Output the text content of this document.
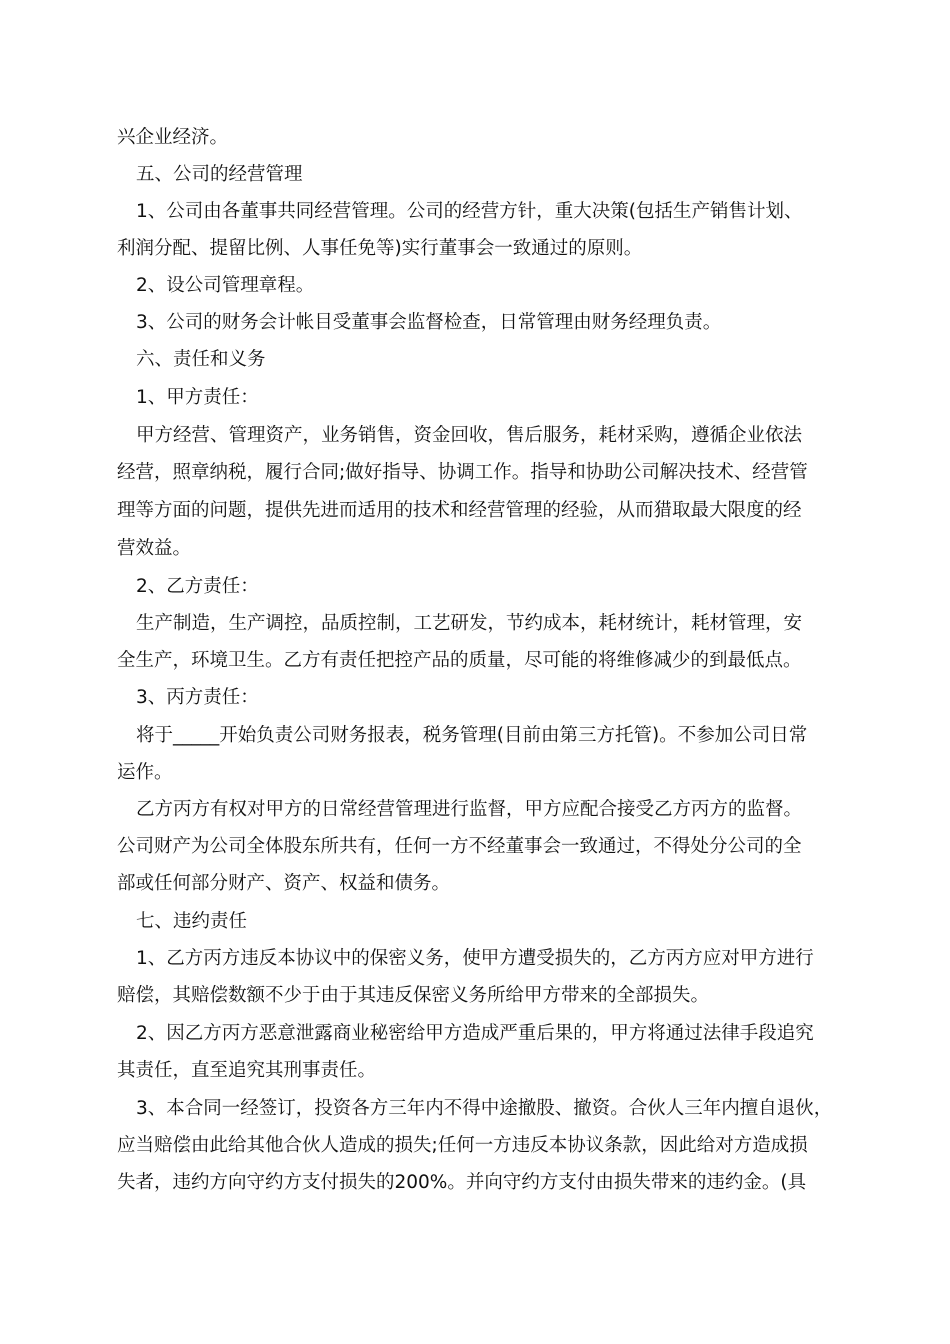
兴企业经济。
五、公司的经营管理
1、公司由各董事共同经营管理。公司的经营方针，重大决策(包括生产销售计划、
利润分配、提留比例、人事任免等)实行董事会一致通过的原则。
2、设公司管理章程。
3、公司的财务会计帐目受董事会监督检查，日常管理由财务经理负责。
六、责任和义务
1、甲方责任：
甲方经营、管理资产，业务销售，资金回收，售后服务，耗材采购，遵循企业依法
经营，照章纳税，履行合同;做好指导、协调工作。指导和协助公司解决技术、经营管
理等方面的问题，提供先进而适用的技术和经营管理的经验，从而猎取最大限度的经
营效益。
2、乙方责任：
生产制造，生产调控，品质控制，工艺研发，节约成本，耗材统计，耗材管理，安
全生产，环境卫生。乙方有责任把控产品的质量，尽可能的将维修减少的到最低点。
3、丙方责任：
将于_____开始负责公司财务报表，税务管理(目前由第三方托管)。不参加公司日常
运作。
乙方丙方有权对甲方的日常经营管理进行监督，甲方应配合接受乙方丙方的监督。
公司财产为公司全体股东所共有，任何一方不经董事会一致通过，不得处分公司的全
部或任何部分财产、资产、权益和债务。
七、违约责任
1、乙方丙方违反本协议中的保密义务，使甲方遭受损失的，乙方丙方应对甲方进行
赔偿，其赔偿数额不少于由于其违反保密义务所给甲方带来的全部损失。
2、因乙方丙方恶意泄露商业秘密给甲方造成严重后果的，甲方将通过法律手段追究
其责任，直至追究其刑事责任。
3、本合同一经签订，投资各方三年内不得中途撤股、撤资。合伙人三年内擅自退伙，
应当赔偿由此给其他合伙人造成的损失;任何一方违反本协议条款，因此给对方造成损
失者，违约方向守约方支付损失的200%。并向守约方支付由损失带来的违约金。(具
